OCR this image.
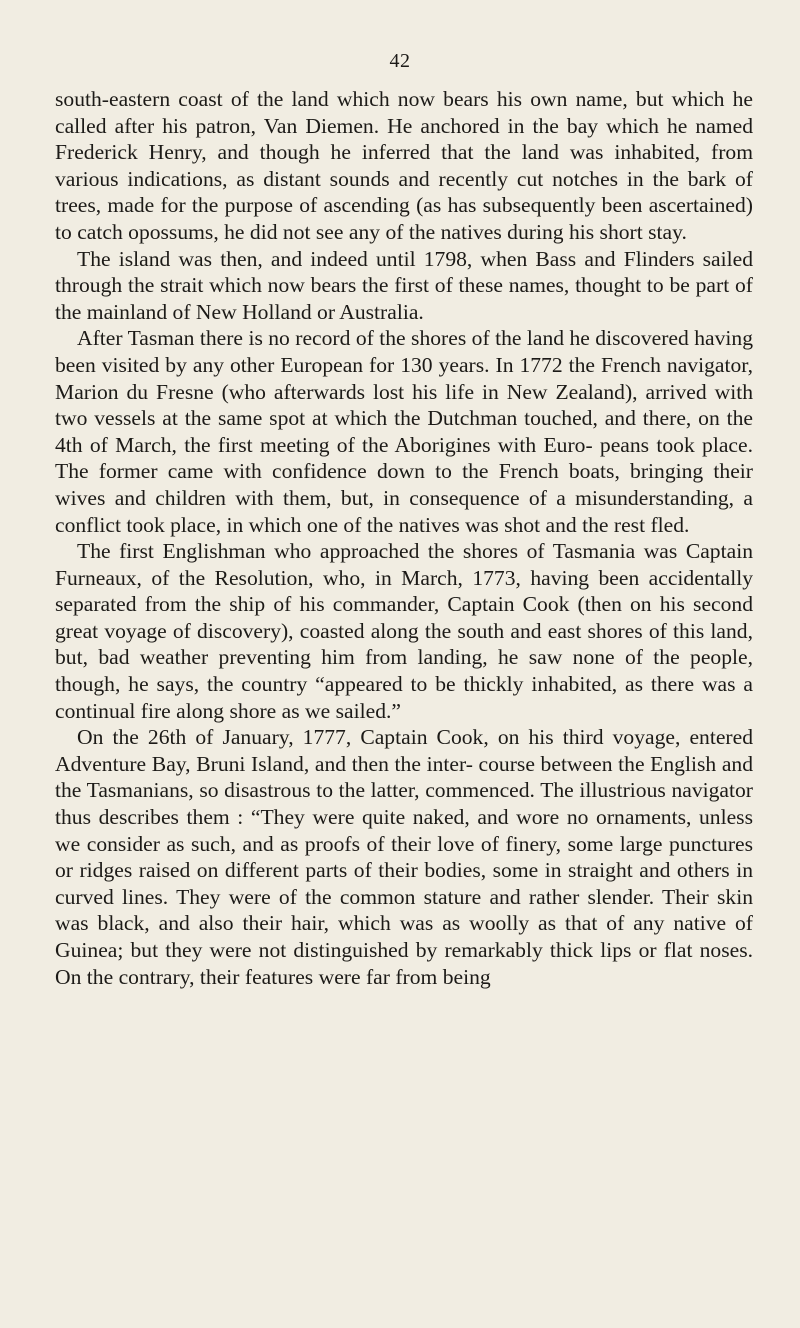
42

south-eastern coast of the land which now bears his own name, but which he called after his patron, Van Diemen. He anchored in the bay which he named Frederick Henry, and though he inferred that the land was inhabited, from various indications, as distant sounds and recently cut notches in the bark of trees, made for the purpose of ascending (as has subsequently been ascertained) to catch opossums, he did not see any of the natives during his short stay.

The island was then, and indeed until 1798, when Bass and Flinders sailed through the strait which now bears the first of these names, thought to be part of the mainland of New Holland or Australia.

After Tasman there is no record of the shores of the land he discovered having been visited by any other European for 130 years. In 1772 the French navigator, Marion du Fresne (who afterwards lost his life in New Zealand), arrived with two vessels at the same spot at which the Dutchman touched, and there, on the 4th of March, the first meeting of the Aborigines with Euro- peans took place. The former came with confidence down to the French boats, bringing their wives and children with them, but, in consequence of a misunderstanding, a conflict took place, in which one of the natives was shot and the rest fled.

The first Englishman who approached the shores of Tasmania was Captain Furneaux, of the Resolution, who, in March, 1773, having been accidentally separated from the ship of his commander, Captain Cook (then on his second great voyage of discovery), coasted along the south and east shores of this land, but, bad weather preventing him from landing, he saw none of the people, though, he says, the country “appeared to be thickly inhabited, as there was a continual fire along shore as we sailed.”

On the 26th of January, 1777, Captain Cook, on his third voyage, entered Adventure Bay, Bruni Island, and then the inter- course between the English and the Tasmanians, so disastrous to the latter, commenced. The illustrious navigator thus describes them : “They were quite naked, and wore no ornaments, unless we consider as such, and as proofs of their love of finery, some large punctures or ridges raised on different parts of their bodies, some in straight and others in curved lines. They were of the common stature and rather slender. Their skin was black, and also their hair, which was as woolly as that of any native of Guinea; but they were not distinguished by remarkably thick lips or flat noses. On the contrary, their features were far from being
